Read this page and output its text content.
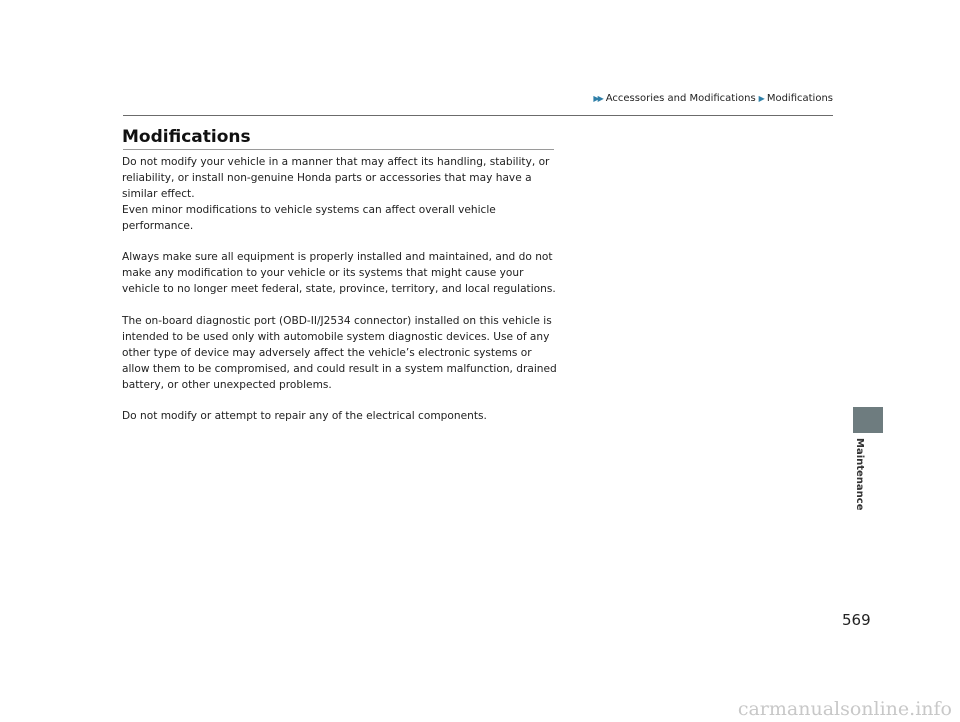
▶▶ Accessories and Modifications ▶ Modifications
Modifications

Do not modify your vehicle in a manner that may affect its handling, stability, or reliability, or install non-genuine Honda parts or accessories that may have a similar effect.
Even minor modifications to vehicle systems can affect overall vehicle performance.

Always make sure all equipment is properly installed and maintained, and do not make any modification to your vehicle or its systems that might cause your vehicle to no longer meet federal, state, province, territory, and local regulations.

The on-board diagnostic port (OBD-II/J2534 connector) installed on this vehicle is intended to be used only with automobile system diagnostic devices. Use of any other type of device may adversely affect the vehicle’s electronic systems or allow them to be compromised, and could result in a system malfunction, drained battery, or other unexpected problems.

Do not modify or attempt to repair any of the electrical components.

Maintenance
569
carmanualsonline.info
